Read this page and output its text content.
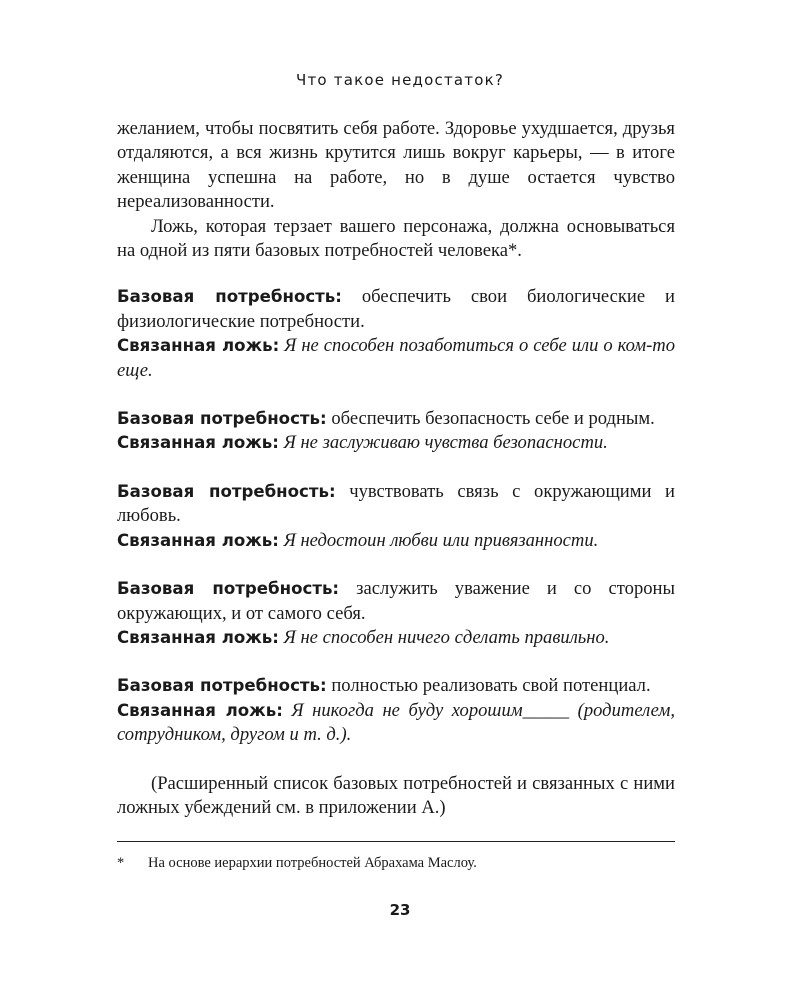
Что такое недостаток?

желанием, чтобы посвятить себя работе. Здоровье ухудшается, друзья отдаляются, а вся жизнь крутится лишь вокруг карьеры, — в итоге женщина успешна на работе, но в душе остается чувство нереализованности.

Ложь, которая терзает вашего персонажа, должна основываться на одной из пяти базовых потребностей человека*.

Базовая потребность: обеспечить свои биологические и физиологические потребности.

Связанная ложь: Я не способен позаботиться о себе или о ком-то еще.

Базовая потребность: обеспечить безопасность себе и родным.

Связанная ложь: Я не заслуживаю чувства безопасности.

Базовая потребность: чувствовать связь с окружающими и любовь.

Связанная ложь: Я недостоин любви или привязанности.

Базовая потребность: заслужить уважение и со стороны окружающих, и от самого себя.

Связанная ложь: Я не способен ничего сделать правильно.

Базовая потребность: полностью реализовать свой потенциал.

Связанная ложь: Я никогда не буду хорошим_____ (родителем, сотрудником, другом и т. д.).

(Расширенный список базовых потребностей и связанных с ними ложных убеждений см. в приложении А.)

* На основе иерархии потребностей Абрахама Маслоу.
23
